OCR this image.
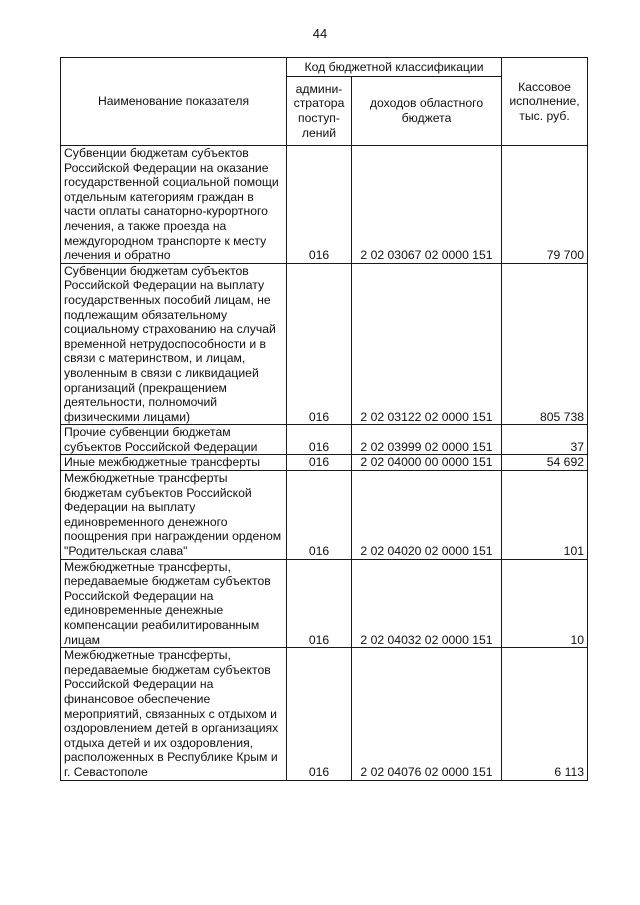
44
Наименование показателя	Код бюджетной классификации		Кассовое исполнение, тыс. руб.
	админи-стратора поступ-лений	доходов областного бюджета	
Субвенции бюджетам субъектов Российской Федерации на оказание государственной социальной помощи отдельным категориям граждан в части оплаты санаторно-курортного лечения, а также проезда на междугородном транспорте к месту лечения и обратно	016	2 02 03067 02 0000 151	79 700
Субвенции бюджетам субъектов Российской Федерации на выплату государственных пособий лицам, не подлежащим обязательному социальному страхованию на случай временной нетрудоспособности и в связи с материнством, и лицам, уволенным в связи с ликвидацией организаций (прекращением деятельности, полномочий физическими лицами)	016	2 02 03122 02 0000 151	805 738
Прочие субвенции бюджетам субъектов Российской Федерации	016	2 02 03999 02 0000 151	37
Иные межбюджетные трансферты	016	2 02 04000 00 0000 151	54 692
Межбюджетные трансферты бюджетам субъектов Российской Федерации на выплату единовременного денежного поощрения при награждении орденом "Родительская слава"	016	2 02 04020 02 0000 151	101
Межбюджетные трансферты, передаваемые бюджетам субъектов Российской Федерации на единовременные денежные компенсации реабилитированным лицам	016	2 02 04032 02 0000 151	10
Межбюджетные трансферты, передаваемые бюджетам субъектов Российской Федерации на финансовое обеспечение мероприятий, связанных с отдыхом и оздоровлением детей в организациях отдыха детей и их оздоровления, расположенных в Республике Крым и г. Севастополе	016	2 02 04076 02 0000 151	6 113
